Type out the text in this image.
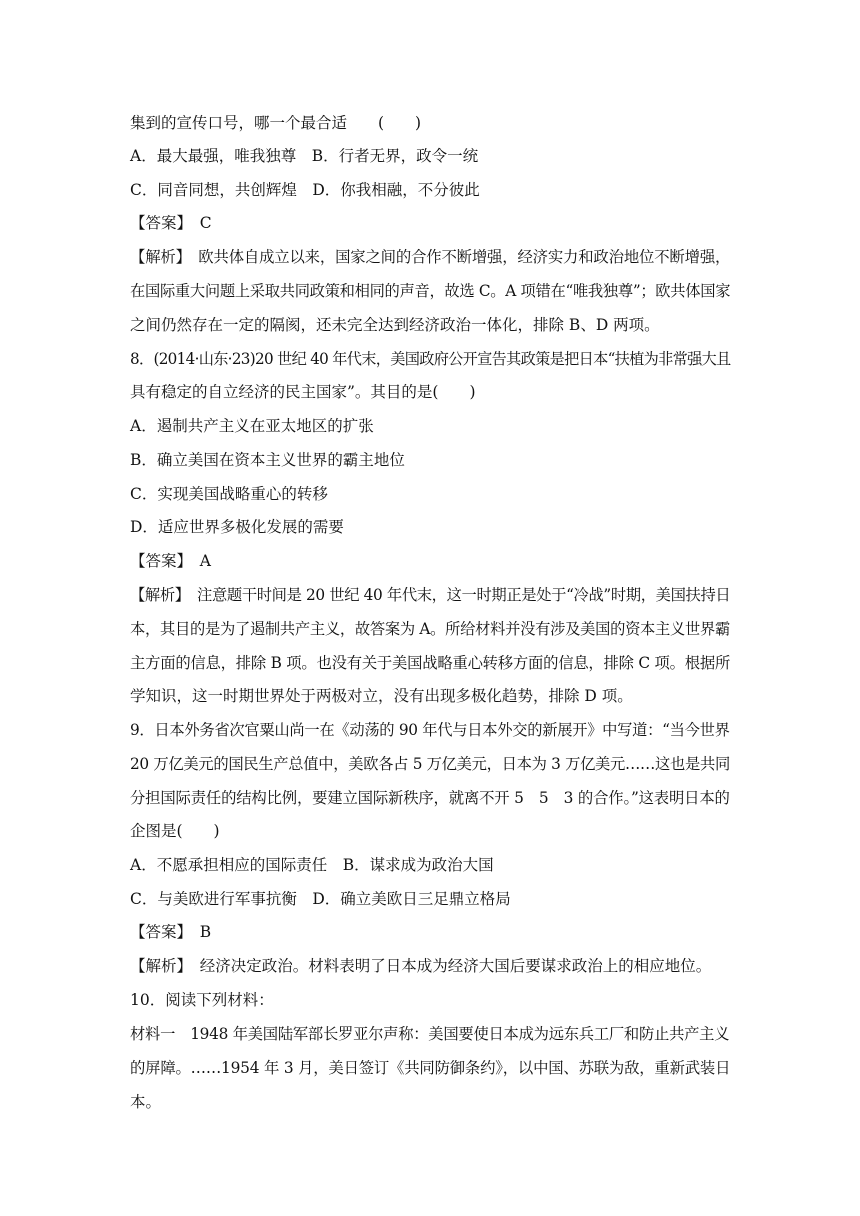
集到的宣传口号，哪一个最合适　　(　　)
A．最大最强，唯我独尊　B．行者无界，政令一统
C．同音同想，共创辉煌　D．你我相融，不分彼此
【答案】　C
【解析】　欧共体自成立以来，国家之间的合作不断增强，经济实力和政治地位不断增强，
在国际重大问题上采取共同政策和相同的声音，故选 C。A 项错在“唯我独尊”；欧共体国家
之间仍然存在一定的隔阂，还未完全达到经济政治一体化，排除 B、D 两项。
8．(2014·山东·23)20 世纪 40 年代末，美国政府公开宣告其政策是把日本“扶植为非常强大且
具有稳定的自立经济的民主国家”。其目的是(　　)
A．遏制共产主义在亚太地区的扩张
B．确立美国在资本主义世界的霸主地位
C．实现美国战略重心的转移
D．适应世界多极化发展的需要
【答案】　A
【解析】　注意题干时间是 20 世纪 40 年代末，这一时期正是处于“冷战”时期，美国扶持日
本，其目的是为了遏制共产主义，故答案为 A。所给材料并没有涉及美国的资本主义世界霸
主方面的信息，排除 B 项。也没有关于美国战略重心转移方面的信息，排除 C 项。根据所
学知识，这一时期世界处于两极对立，没有出现多极化趋势，排除 D 项。
9．日本外务省次官粟山尚一在《动荡的 90 年代与日本外交的新展开》中写道：“当今世界
20 万亿美元的国民生产总值中，美欧各占 5 万亿美元，日本为 3 万亿美元……这也是共同
分担国际责任的结构比例，要建立国际新秩序，就离不开 5　5　3 的合作。”这表明日本的
企图是(　　)
A．不愿承担相应的国际责任　B．谋求成为政治大国
C．与美欧进行军事抗衡　D．确立美欧日三足鼎立格局
【答案】　B
【解析】　经济决定政治。材料表明了日本成为经济大国后要谋求政治上的相应地位。
10．阅读下列材料：
材料一　1948 年美国陆军部长罗亚尔声称：美国要使日本成为远东兵工厂和防止共产主义
的屏障。……1954 年 3 月，美日签订《共同防御条约》，以中国、苏联为敌，重新武装日
本。
